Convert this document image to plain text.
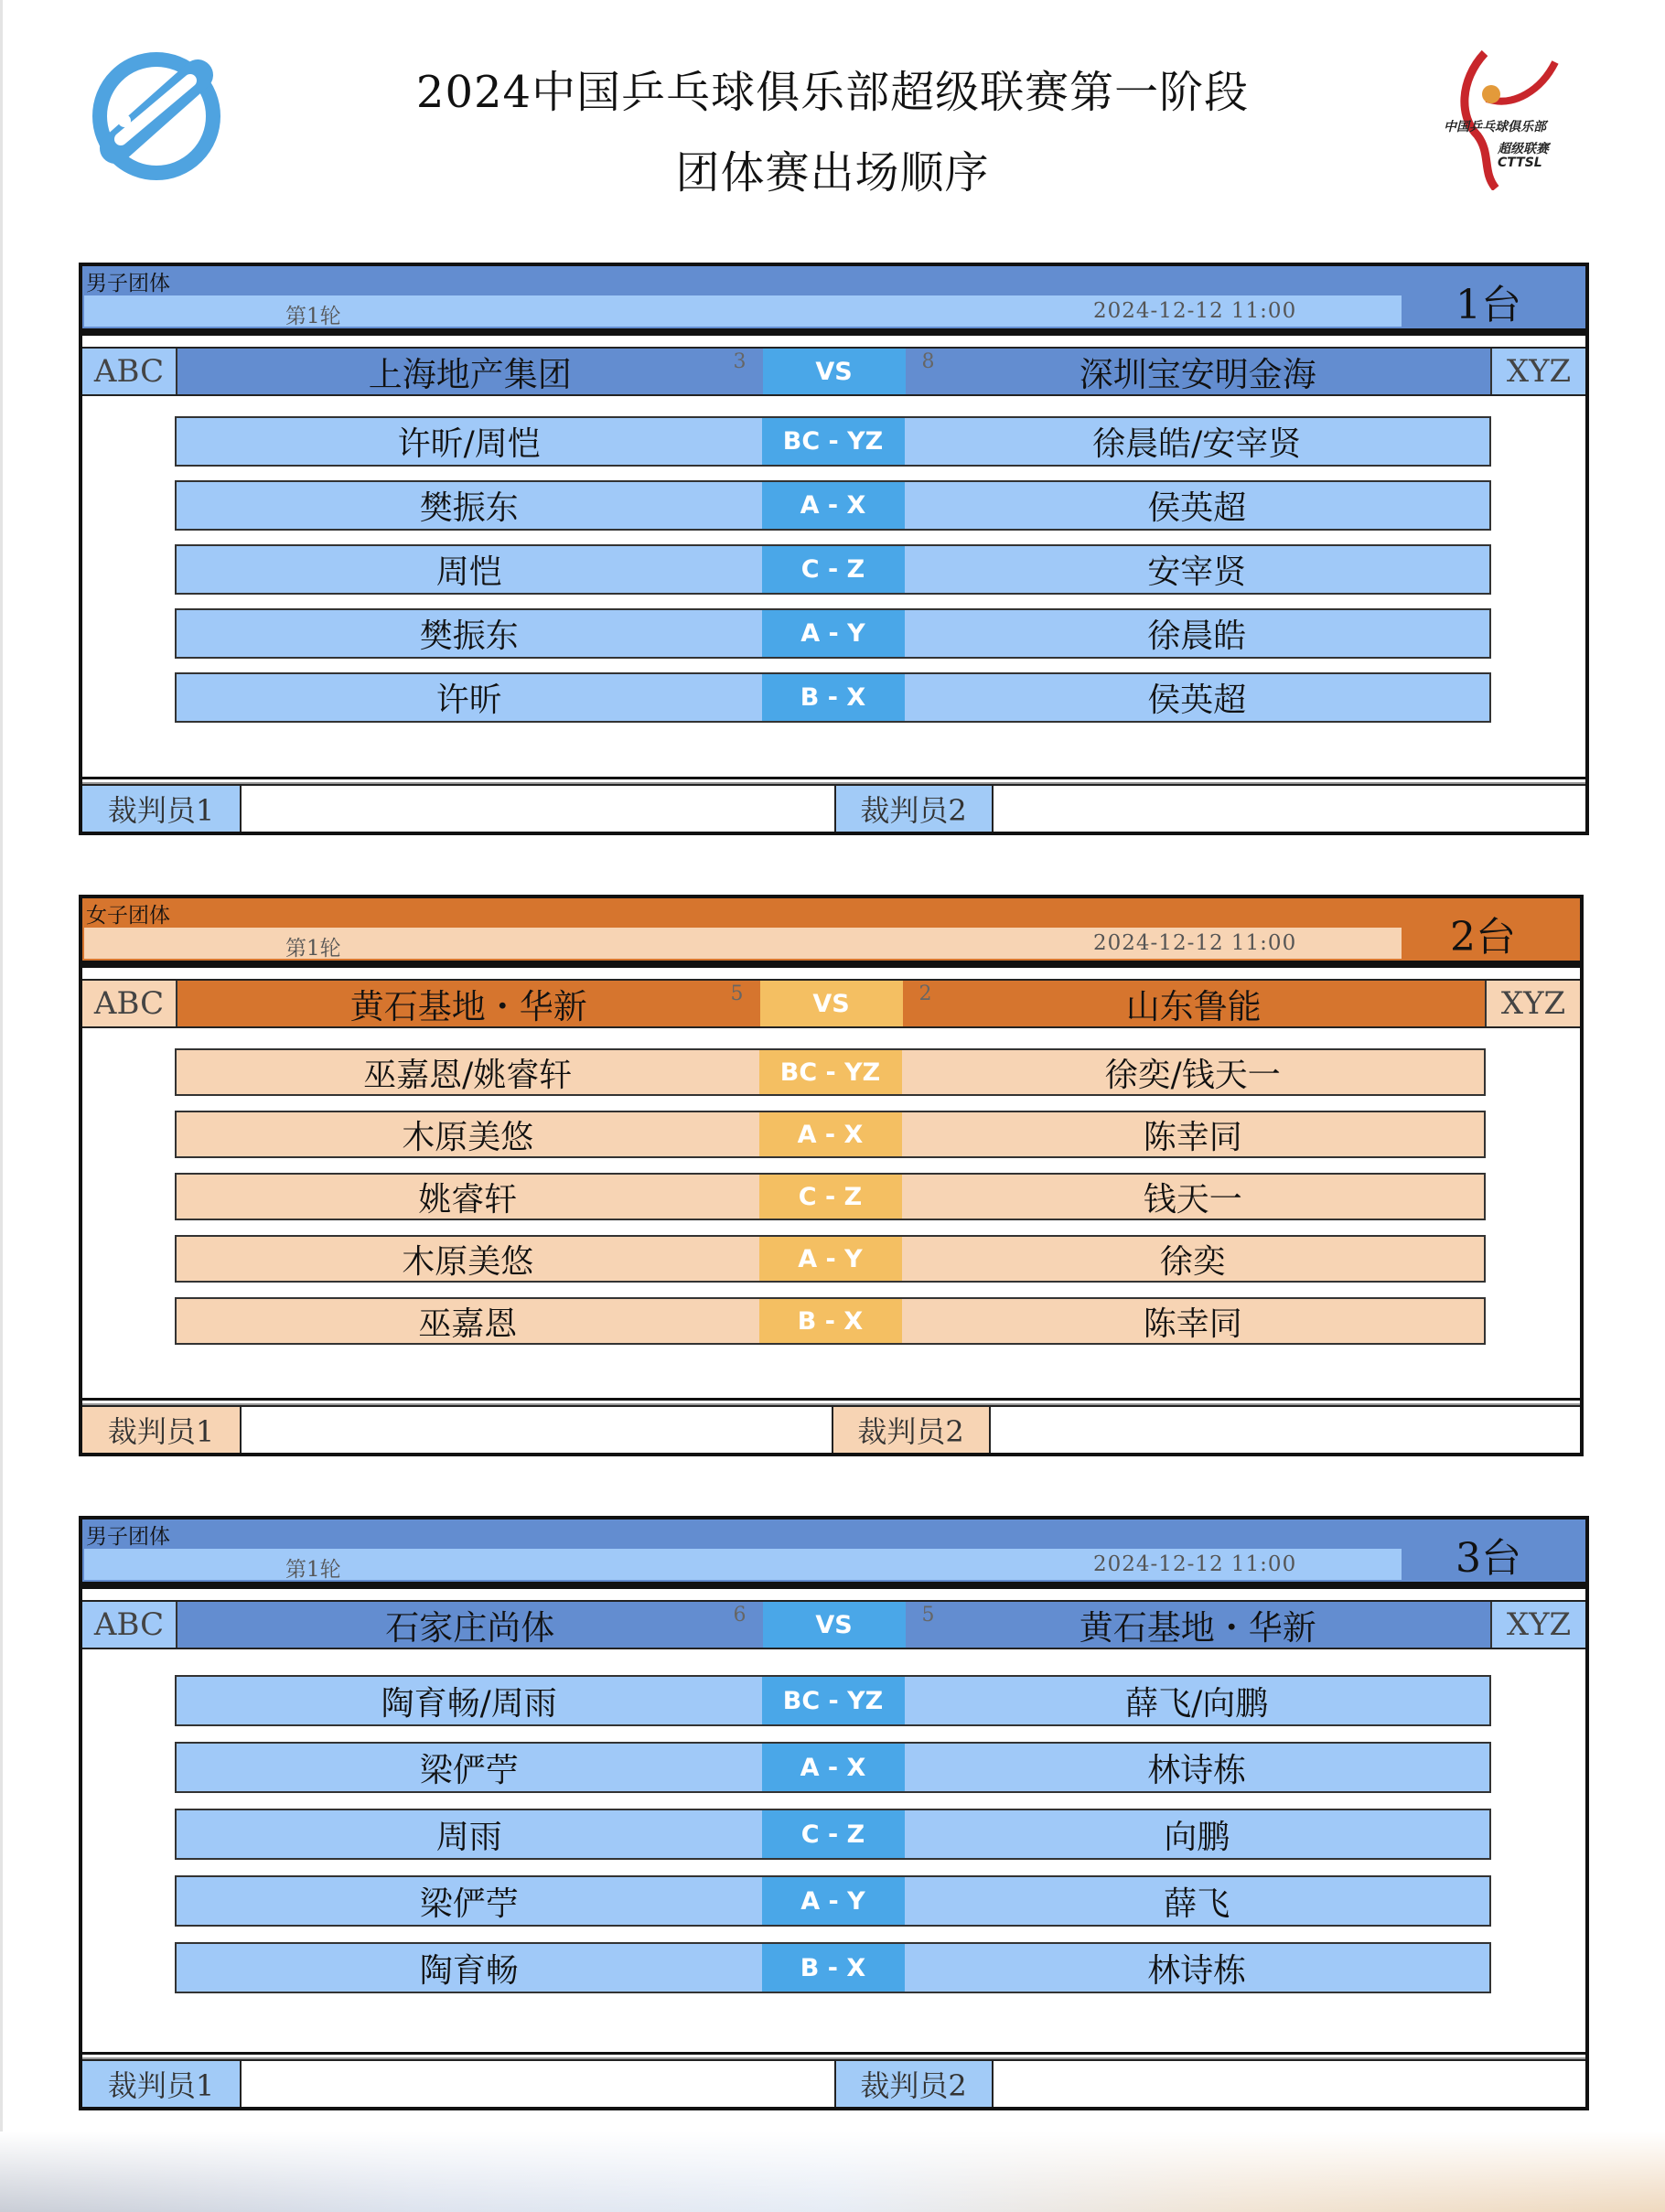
中国乒乓球俱乐部
超级联赛
CTTSL
2024中国乒乓球俱乐部超级联赛第一阶段
团体赛出场顺序
男子团体
第1轮	2024-12-12 11:00	1台
ABC	上海地产集团	3	VS	8	深圳宝安明金海	XYZ
许昕/周恺	BC - YZ	徐晨皓/安宰贤
樊振东	A - X	侯英超
周恺	C - Z	安宰贤
樊振东	A - Y	徐晨皓
许昕	B - X	侯英超
裁判员1	裁判员2
女子团体
第1轮	2024-12-12 11:00	2台
ABC	黄石基地・华新	5	VS	2	山东鲁能	XYZ
巫嘉恩/姚睿轩	BC - YZ	徐奕/钱天一
木原美悠	A - X	陈幸同
姚睿轩	C - Z	钱天一
木原美悠	A - Y	徐奕
巫嘉恩	B - X	陈幸同
裁判员1	裁判员2
男子团体
第1轮	2024-12-12 11:00	3台
ABC	石家庄尚体	6	VS	5	黄石基地・华新	XYZ
陶育畅/周雨	BC - YZ	薛飞/向鹏
梁俨苧	A - X	林诗栋
周雨	C - Z	向鹏
梁俨苧	A - Y	薛飞
陶育畅	B - X	林诗栋
裁判员1	裁判员2
